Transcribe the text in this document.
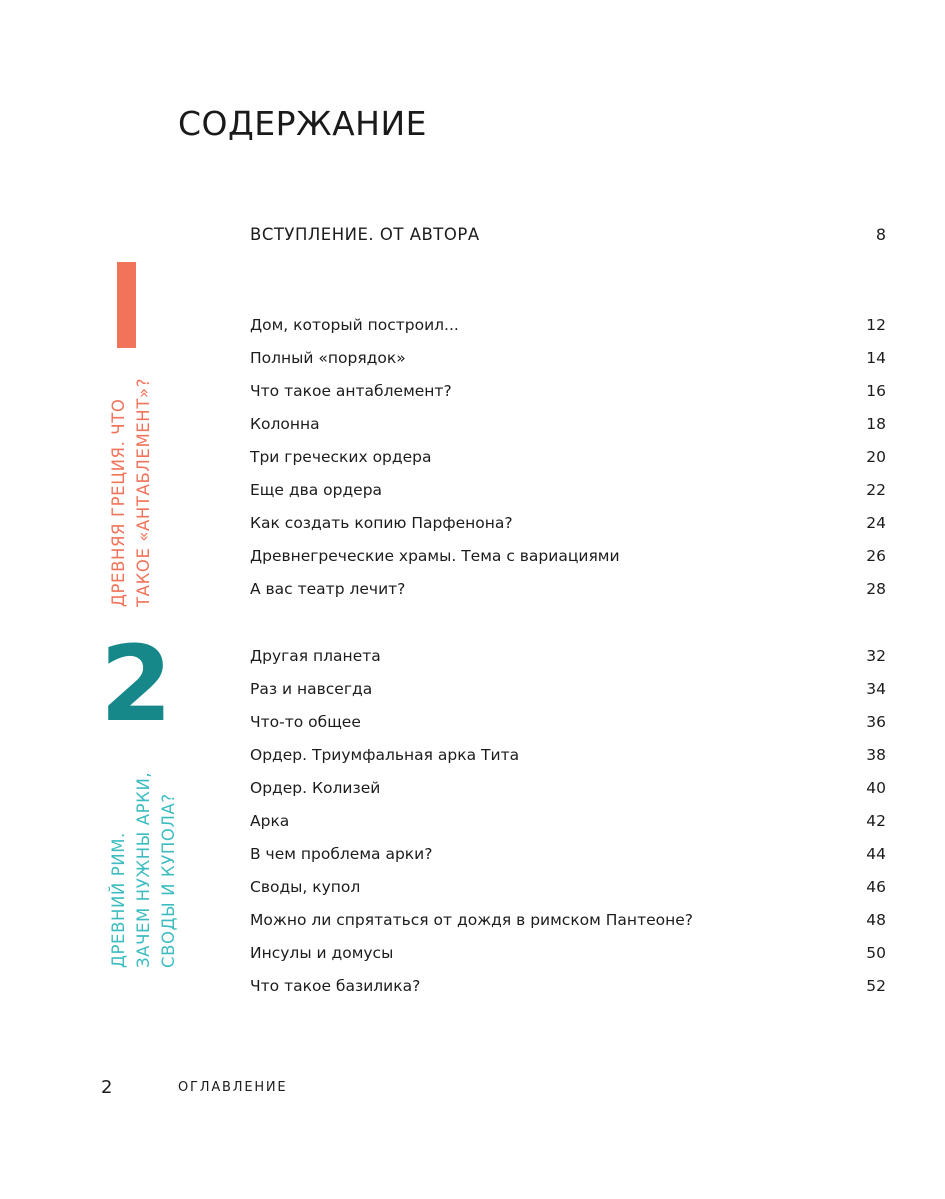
СОДЕРЖАНИЕ
ВСТУПЛЕНИЕ. ОТ АВТОРА	8
ДРЕВНЯЯ ГРЕЦИЯ. ЧТО ТАКОЕ «АНТАБЛЕМЕНТ»?
2
ДРЕВНИЙ РИМ. ЗАЧЕМ НУЖНЫ АРКИ, СВОДЫ И КУПОЛА?
Дом, который построил...	12
Полный «порядок»	14
Что такое антаблемент?	16
Колонна	18
Три греческих ордера	20
Еще два ордера	22
Как создать копию Парфенона?	24
Древнегреческие храмы. Тема с вариациями	26
А вас театр лечит?	28
Другая планета	32
Раз и навсегда	34
Что-то общее	36
Ордер. Триумфальная арка Тита	38
Ордер. Колизей	40
Арка	42
В чем проблема арки?	44
Своды, купол	46
Можно ли спрятаться от дождя в римском Пантеоне?	48
Инсулы и домусы	50
Что такое базилика?	52
2	ОГЛАВЛЕНИЕ
